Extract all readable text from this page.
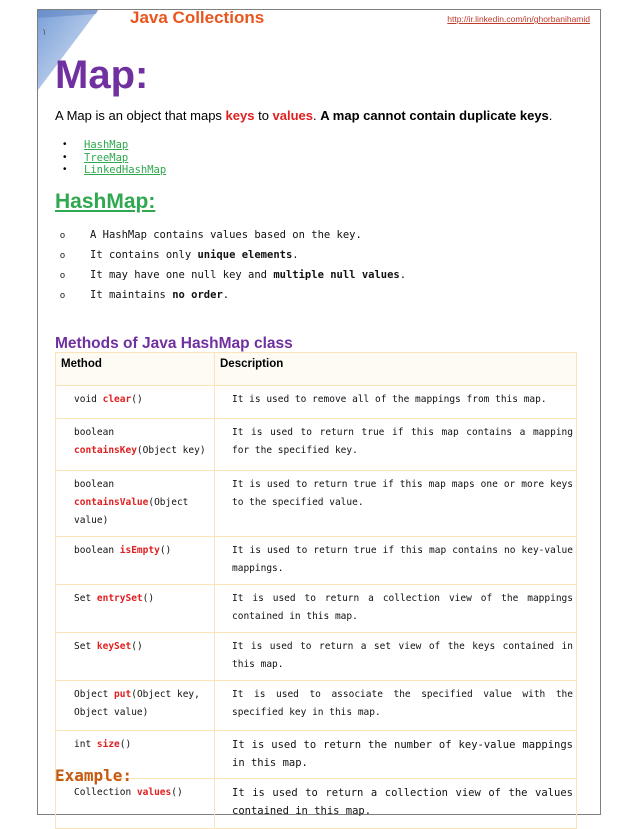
۱
Java Collections	http://ir.linkedin.com/in/ghorbanihamid
Map:
A Map is an object that maps keys to values. A map cannot contain duplicate keys.
• HashMap
• TreeMap
• LinkedHashMap
HashMap:
o A HashMap contains values based on the key.
o It contains only unique elements.
o It may have one null key and multiple null values.
o It maintains no order.
Methods of Java HashMap class
Method	Description
void clear()	It is used to remove all of the mappings from this map.
boolean containsKey(Object key)	It is used to return true if this map contains a mapping for the specified key.
boolean containsValue(Object value)	It is used to return true if this map maps one or more keys to the specified value.
boolean isEmpty()	It is used to return true if this map contains no key-value mappings.
Set entrySet()	It is used to return a collection view of the mappings contained in this map.
Set keySet()	It is used to return a set view of the keys contained in this map.
Object put(Object key, Object value)	It is used to associate the specified value with the specified key in this map.
int size()	It is used to return the number of key-value mappings in this map.
Collection values()	It is used to return a collection view of the values contained in this map.
Example:
